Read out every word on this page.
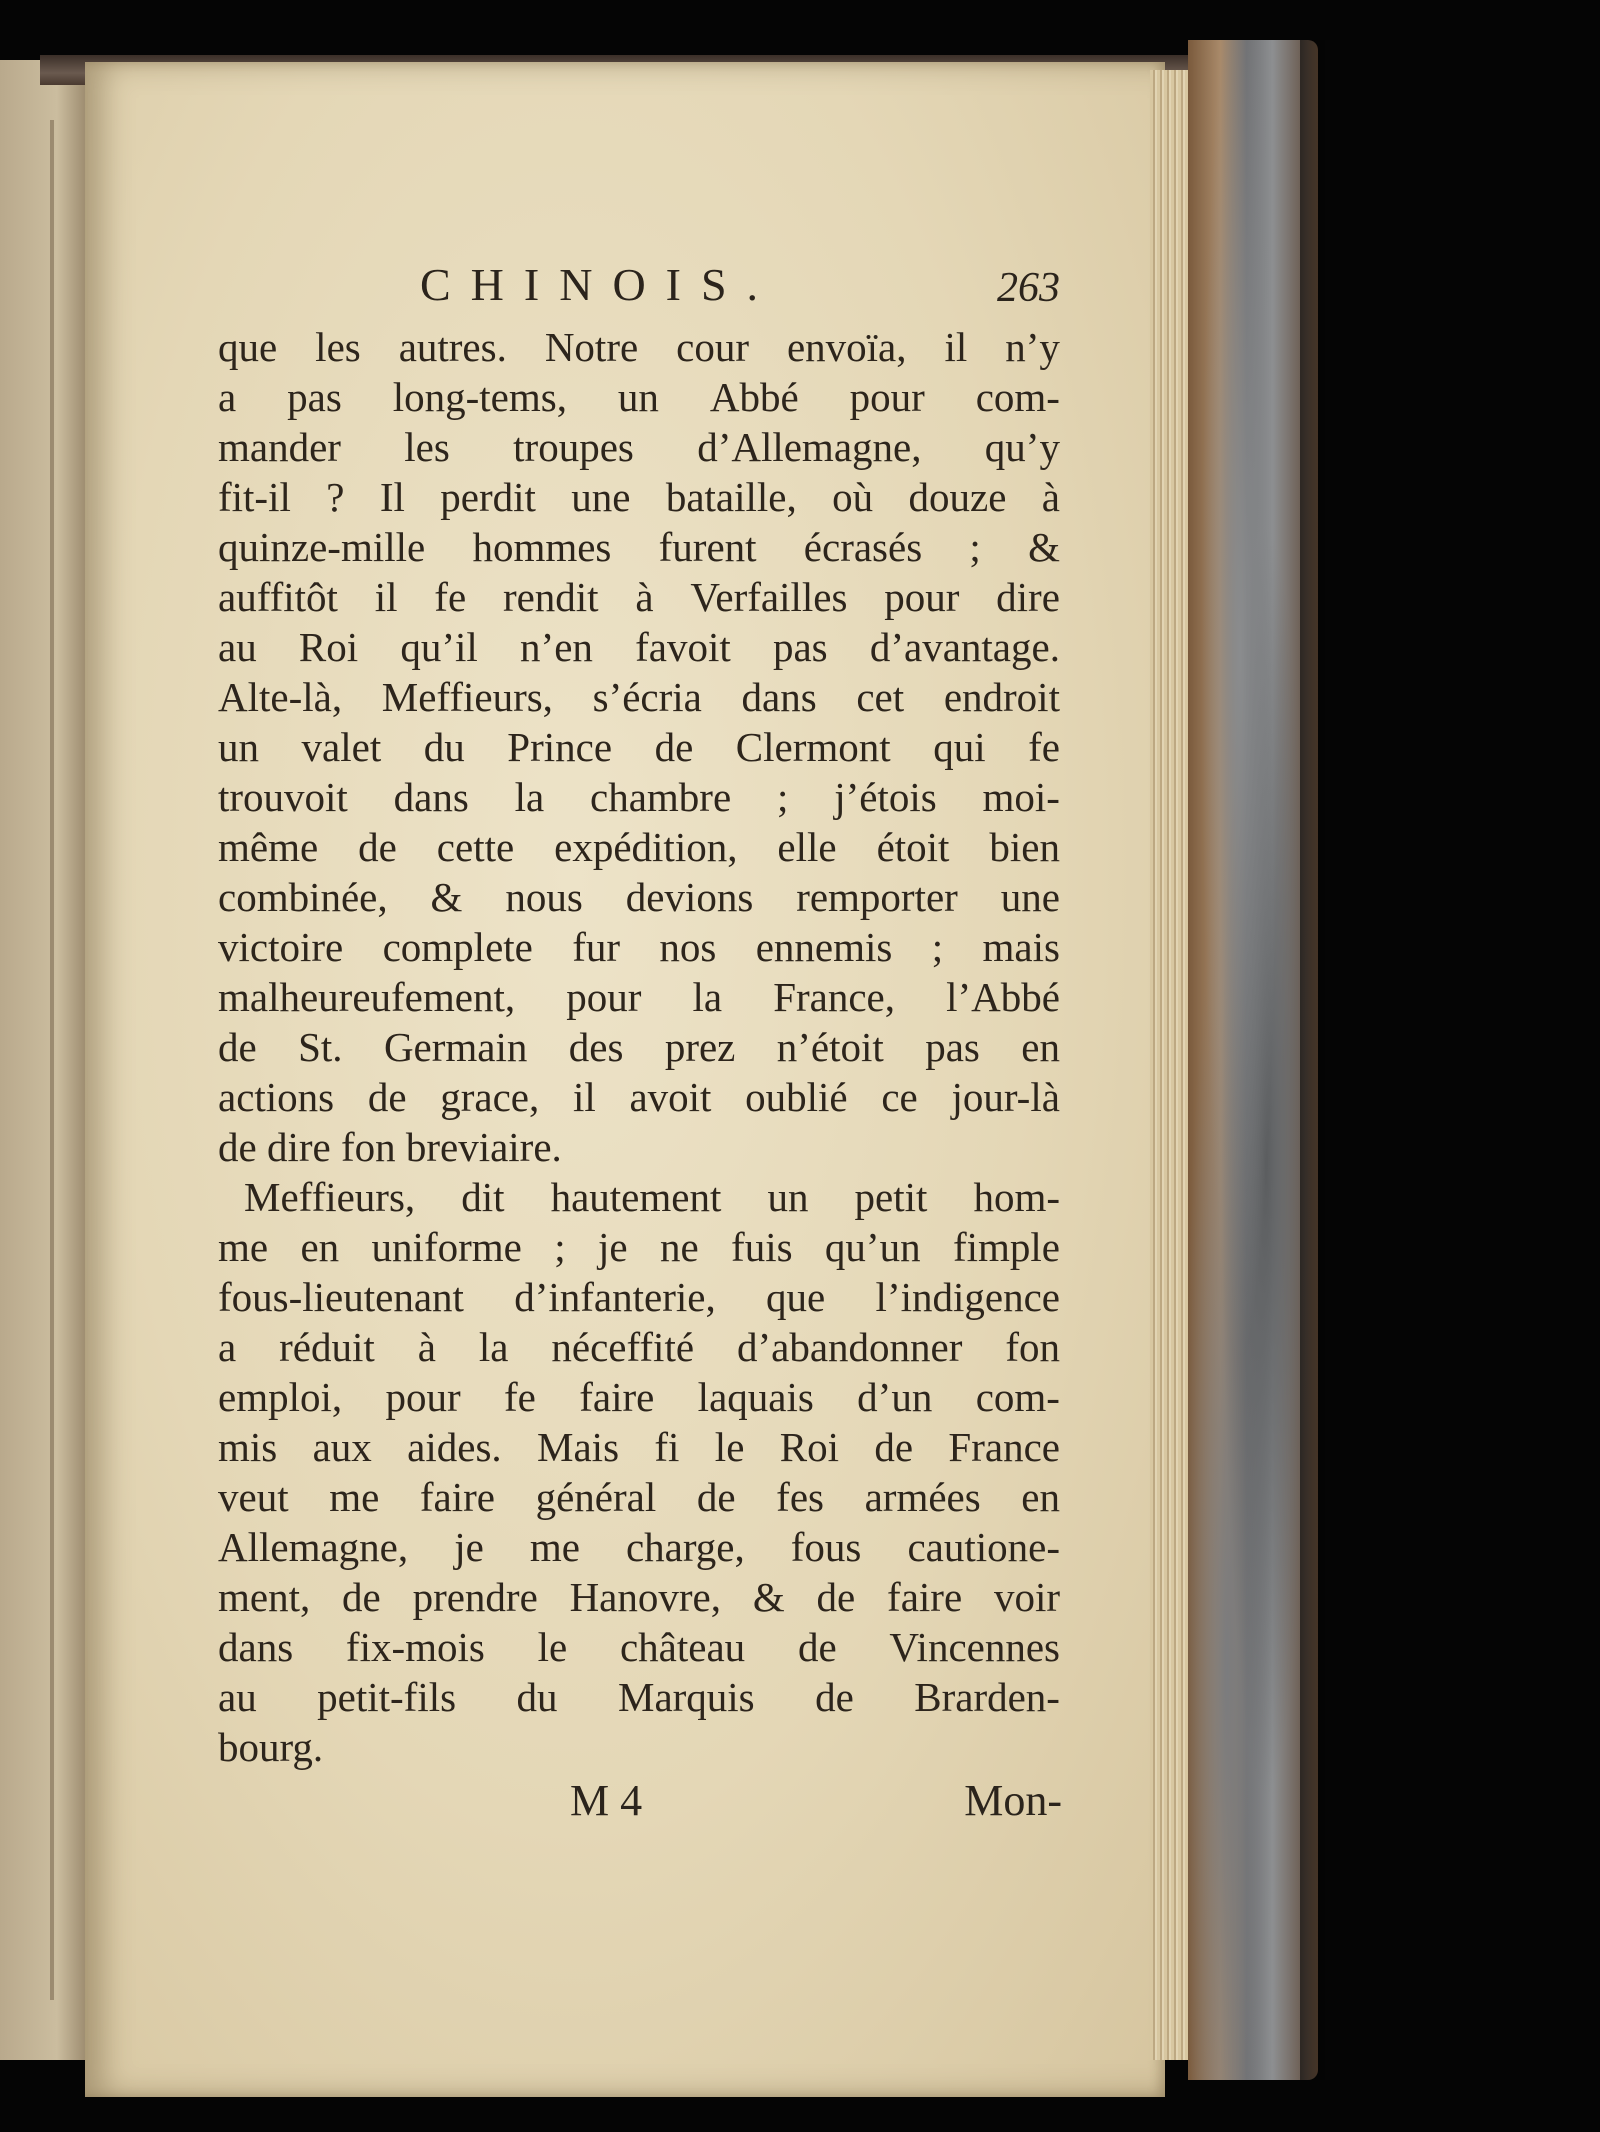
CHINOIS.	263
que les autres. Notre cour envoïa, il n’y
a pas long-tems, un Abbé pour com-
mander les troupes d’Allemagne, qu’y
fit-il ? Il perdit une bataille, où douze à
quinze-mille hommes furent écrasés ; &
auffitôt il fe rendit à Verfailles pour dire
au Roi qu’il n’en favoit pas d’avantage.
Alte-là, Meffieurs, s’écria dans cet endroit
un valet du Prince de Clermont qui fe
trouvoit dans la chambre ; j’étois moi-
même de cette expédition, elle étoit bien
combinée, & nous devions remporter une
victoire complete fur nos ennemis ; mais
malheureufement, pour la France, l’Abbé
de St. Germain des prez n’étoit pas en
actions de grace, il avoit oublié ce jour-là
de dire fon breviaire.
Meffieurs, dit hautement un petit hom-
me en uniforme ; je ne fuis qu’un fimple
fous-lieutenant d’infanterie, que l’indigence
a réduit à la néceffité d’abandonner fon
emploi, pour fe faire laquais d’un com-
mis aux aides. Mais fi le Roi de France
veut me faire général de fes armées en
Allemagne, je me charge, fous cautione-
ment, de prendre Hanovre, & de faire voir
dans fix-mois le château de Vincennes
au petit-fils du Marquis de Brarden-
bourg.
M 4	Mon-
